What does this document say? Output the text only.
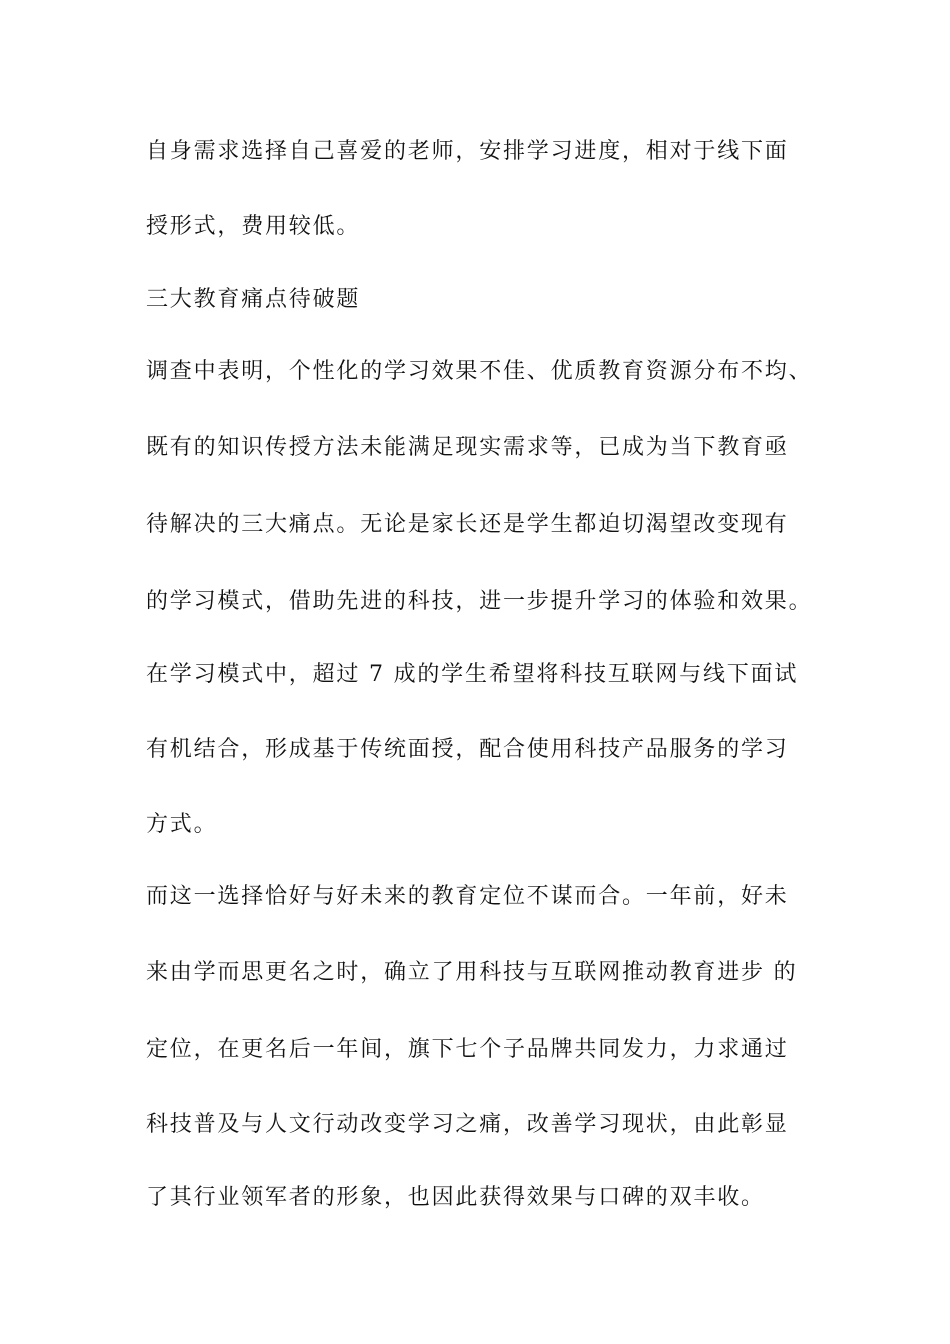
自身需求选择自己喜爱的老师，安排学习进度，相对于线下面
授形式，费用较低。
三大教育痛点待破题
调查中表明，个性化的学习效果不佳、优质教育资源分布不均、
既有的知识传授方法未能满足现实需求等，已成为当下教育亟
待解决的三大痛点。无论是家长还是学生都迫切渴望改变现有
的学习模式，借助先进的科技，进一步提升学习的体验和效果。
在学习模式中，超过 7 成的学生希望将科技互联网与线下面试
有机结合，形成基于传统面授，配合使用科技产品服务的学习
方式。
而这一选择恰好与好未来的教育定位不谋而合。一年前，好未
来由学而思更名之时，确立了用科技与互联网推动教育进步 的
定位，在更名后一年间，旗下七个子品牌共同发力，力求通过
科技普及与人文行动改变学习之痛，改善学习现状，由此彰显
了其行业领军者的形象，也因此获得效果与口碑的双丰收。
